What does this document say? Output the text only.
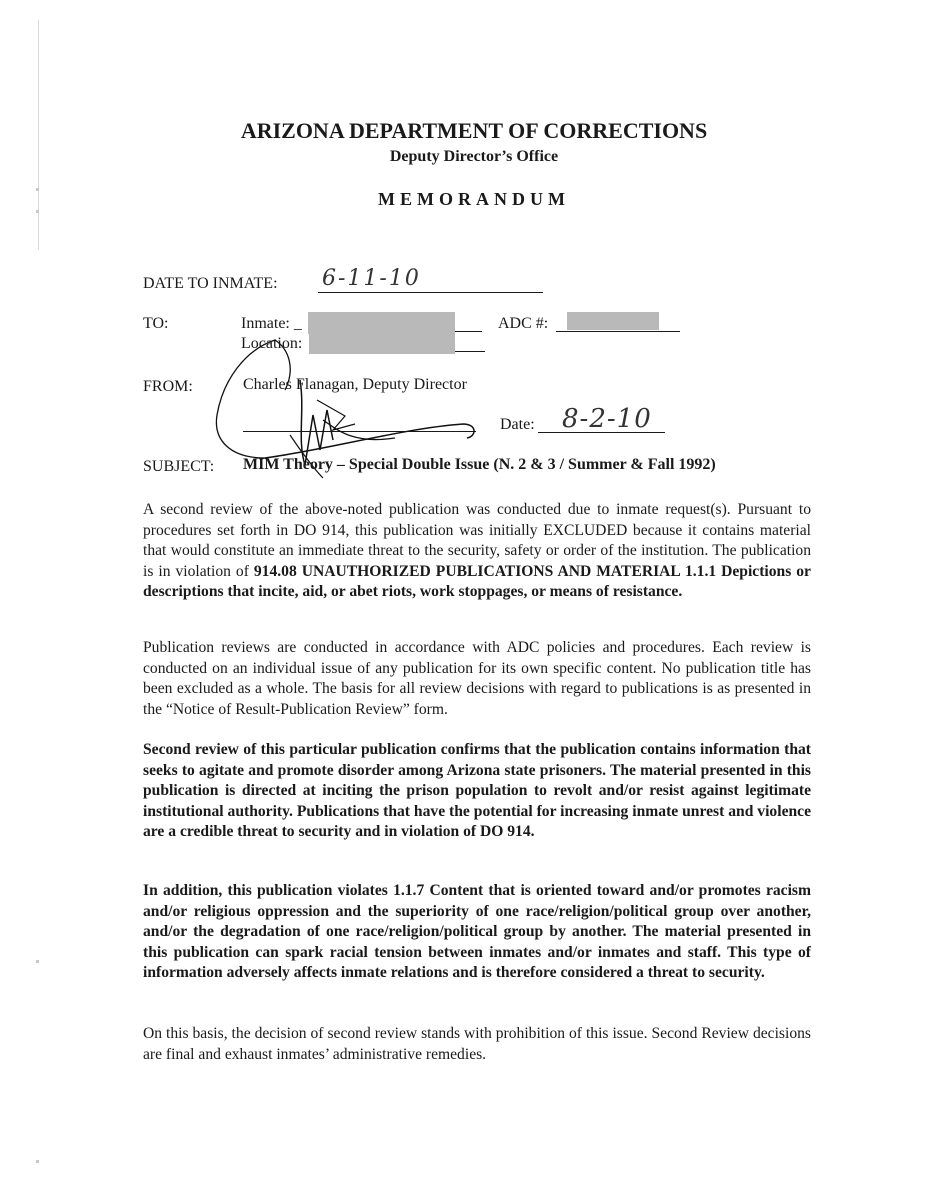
ARIZONA DEPARTMENT OF CORRECTIONS
Deputy Director’s Office
MEMORANDUM
DATE TO INMATE: 6-11-10
TO:	Inmate: _	ADC #:
Location:
FROM:	Charles Flanagan, Deputy Director
Date: 8-2-10
SUBJECT: MIM Theory – Special Double Issue (N. 2 & 3 / Summer & Fall 1992)

A second review of the above-noted publication was conducted due to inmate request(s). Pursuant to procedures set forth in DO 914, this publication was initially EXCLUDED because it contains material that would constitute an immediate threat to the security, safety or order of the institution. The publication is in violation of 914.08 UNAUTHORIZED PUBLICATIONS AND MATERIAL 1.1.1 Depictions or descriptions that incite, aid, or abet riots, work stoppages, or means of resistance.

Publication reviews are conducted in accordance with ADC policies and procedures. Each review is conducted on an individual issue of any publication for its own specific content. No publication title has been excluded as a whole. The basis for all review decisions with regard to publications is as presented in the “Notice of Result-Publication Review” form.

Second review of this particular publication confirms that the publication contains information that seeks to agitate and promote disorder among Arizona state prisoners. The material presented in this publication is directed at inciting the prison population to revolt and/or resist against legitimate institutional authority. Publications that have the potential for increasing inmate unrest and violence are a credible threat to security and in violation of DO 914.

In addition, this publication violates 1.1.7 Content that is oriented toward and/or promotes racism and/or religious oppression and the superiority of one race/religion/political group over another, and/or the degradation of one race/religion/political group by another. The material presented in this publication can spark racial tension between inmates and/or inmates and staff. This type of information adversely affects inmate relations and is therefore considered a threat to security.

On this basis, the decision of second review stands with prohibition of this issue. Second Review decisions are final and exhaust inmates’ administrative remedies.
